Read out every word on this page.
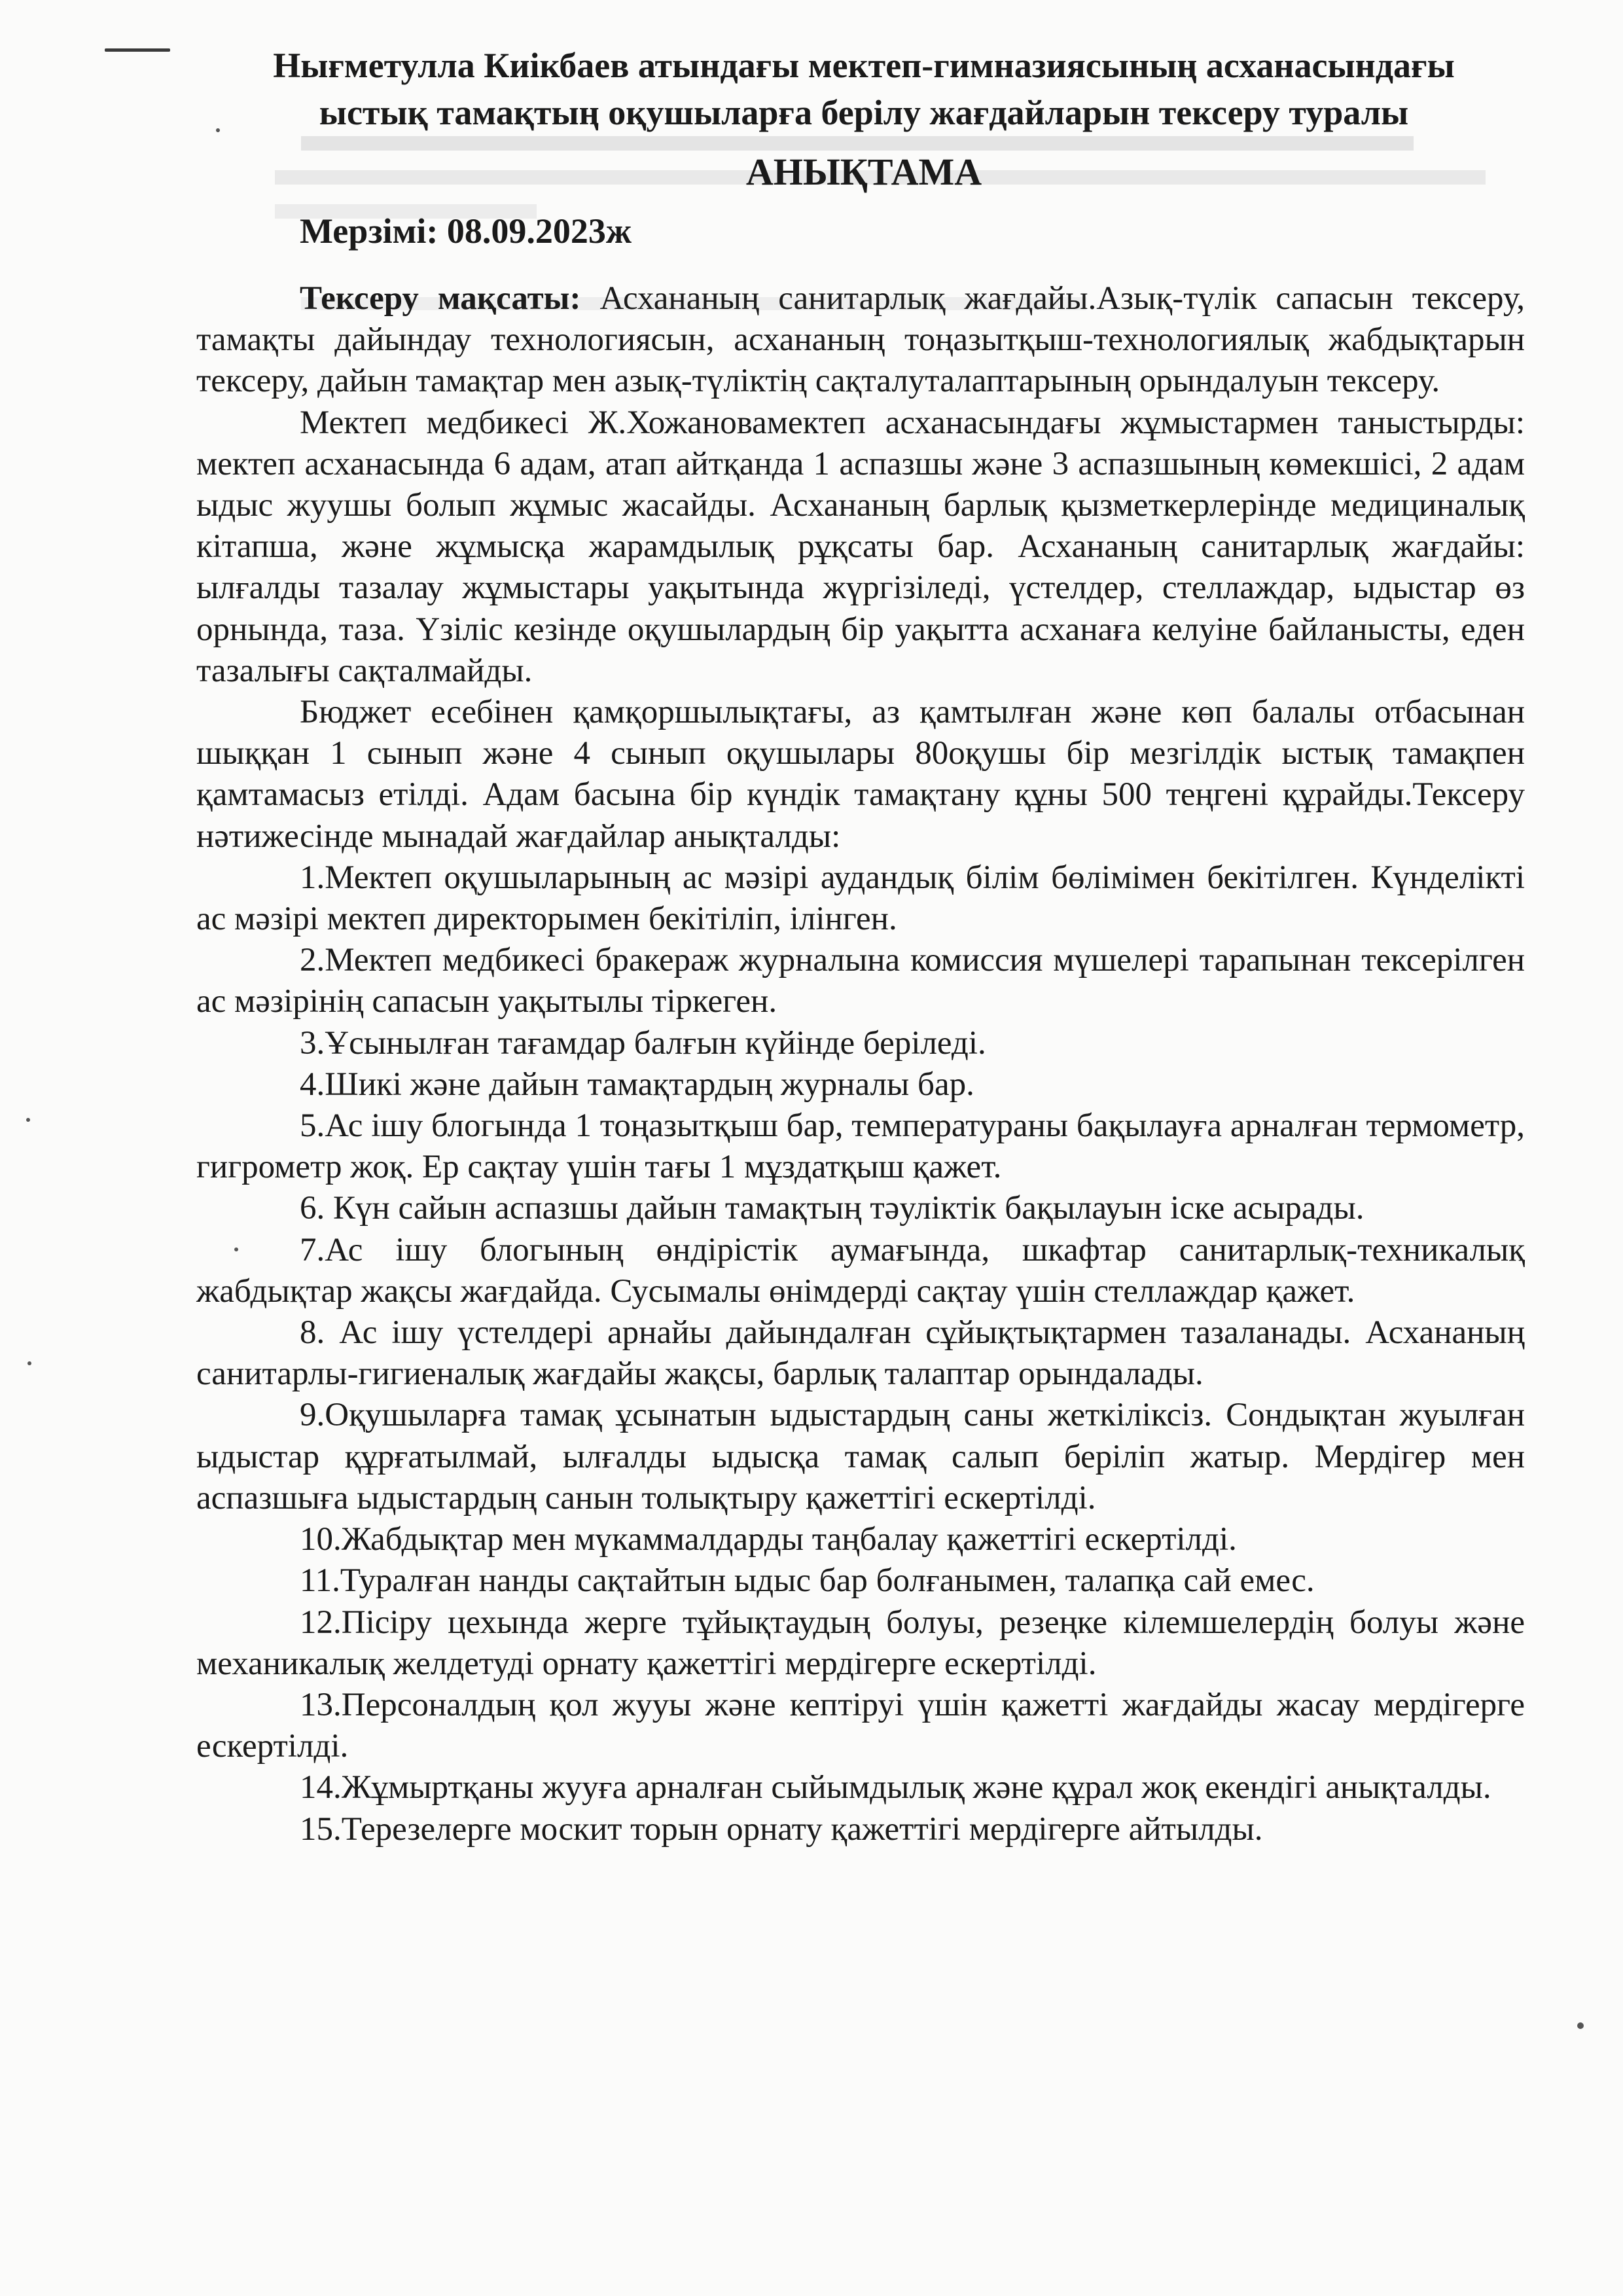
Нығметулла Киікбаев атындағы мектеп-гимназиясының асханасындағы
ыстық тамақтың оқушыларға берілу жағдайларын тексеру туралы
АНЫҚТАМА
Мерзімі: 08.09.2023ж

Тексеру мақсаты: Асхананың санитарлық жағдайы.Азық-түлік сапасын тексеру, тамақты дайындау технологиясын, асхананың тоңазытқыш-технологиялық жабдықтарын тексеру, дайын тамақтар мен азық-түліктің сақталуталаптарының орындалуын тексеру.

Мектеп медбикесі Ж.Хожановамектеп асханасындағы жұмыстармен таныстырды: мектеп асханасында 6 адам, атап айтқанда 1 аспазшы және 3 аспазшының көмекшісі, 2 адам ыдыс жуушы болып жұмыс жасайды. Асхананың барлық қызметкерлерінде медициналық кітапша, және жұмысқа жарамдылық рұқсаты бар. Асхананың санитарлық жағдайы: ылғалды тазалау жұмыстары уақытында жүргізіледі, үстелдер, стеллаждар, ыдыстар өз орнында, таза. Үзіліс кезінде оқушылардың бір уақытта асханаға келуіне байланысты, еден тазалығы сақталмайды.

Бюджет есебінен қамқоршылықтағы, аз қамтылған және көп балалы отбасынан шыққан 1 сынып және 4 сынып оқушылары 80оқушы бір мезгілдік ыстық тамақпен қамтамасыз етілді. Адам басына бір күндік тамақтану құны 500 теңгені құрайды.Тексеру нәтижесінде мынадай жағдайлар анықталды:

1.Мектеп оқушыларының ас мәзірі аудандық білім бөлімімен бекітілген. Күнделікті ас мәзірі мектеп директорымен бекітіліп, ілінген.

2.Мектеп медбикесі бракераж журналына комиссия мүшелері тарапынан тексерілген ас мәзірінің сапасын уақытылы тіркеген.

3.Ұсынылған тағамдар балғын күйінде беріледі.

4.Шикі және дайын тамақтардың журналы бар.

5.Ас ішу блогында 1 тоңазытқыш бар, температураны бақылауға арналған термометр, гигрометр жоқ. Ер сақтау үшін тағы 1 мұздатқыш қажет.

6. Күн сайын аспазшы дайын тамақтың тәуліктік бақылауын іске асырады.

7.Ас ішу блогының өндірістік аумағында, шкафтар санитарлық-техникалық жабдықтар жақсы жағдайда. Сусымалы өнімдерді сақтау үшін стеллаждар қажет.

8. Ас ішу үстелдері арнайы дайындалған сұйықтықтармен тазаланады. Асхананың санитарлы-гигиеналық жағдайы жақсы, барлық талаптар орындалады.

9.Оқушыларға тамақ ұсынатын ыдыстардың саны жеткіліксіз. Сондықтан жуылған ыдыстар құрғатылмай, ылғалды ыдысқа тамақ салып беріліп жатыр. Мердігер мен аспазшыға ыдыстардың санын толықтыру қажеттігі ескертілді.

10.Жабдықтар мен мүкаммалдарды таңбалау қажеттігі ескертілді.

11.Туралған нанды сақтайтын ыдыс бар болғанымен, талапқа сай емес.

12.Пісіру цехында жерге тұйықтаудың болуы, резеңке кілемшелердің болуы және механикалық желдетуді орнату қажеттігі мердігерге ескертілді.

13.Персоналдың қол жууы және кептіруі үшін қажетті жағдайды жасау мердігерге ескертілді.

14.Жұмыртқаны жууға арналған сыйымдылық және құрал жоқ екендігі анықталды.

15.Терезелерге москит торын орнату қажеттігі мердігерге айтылды.
